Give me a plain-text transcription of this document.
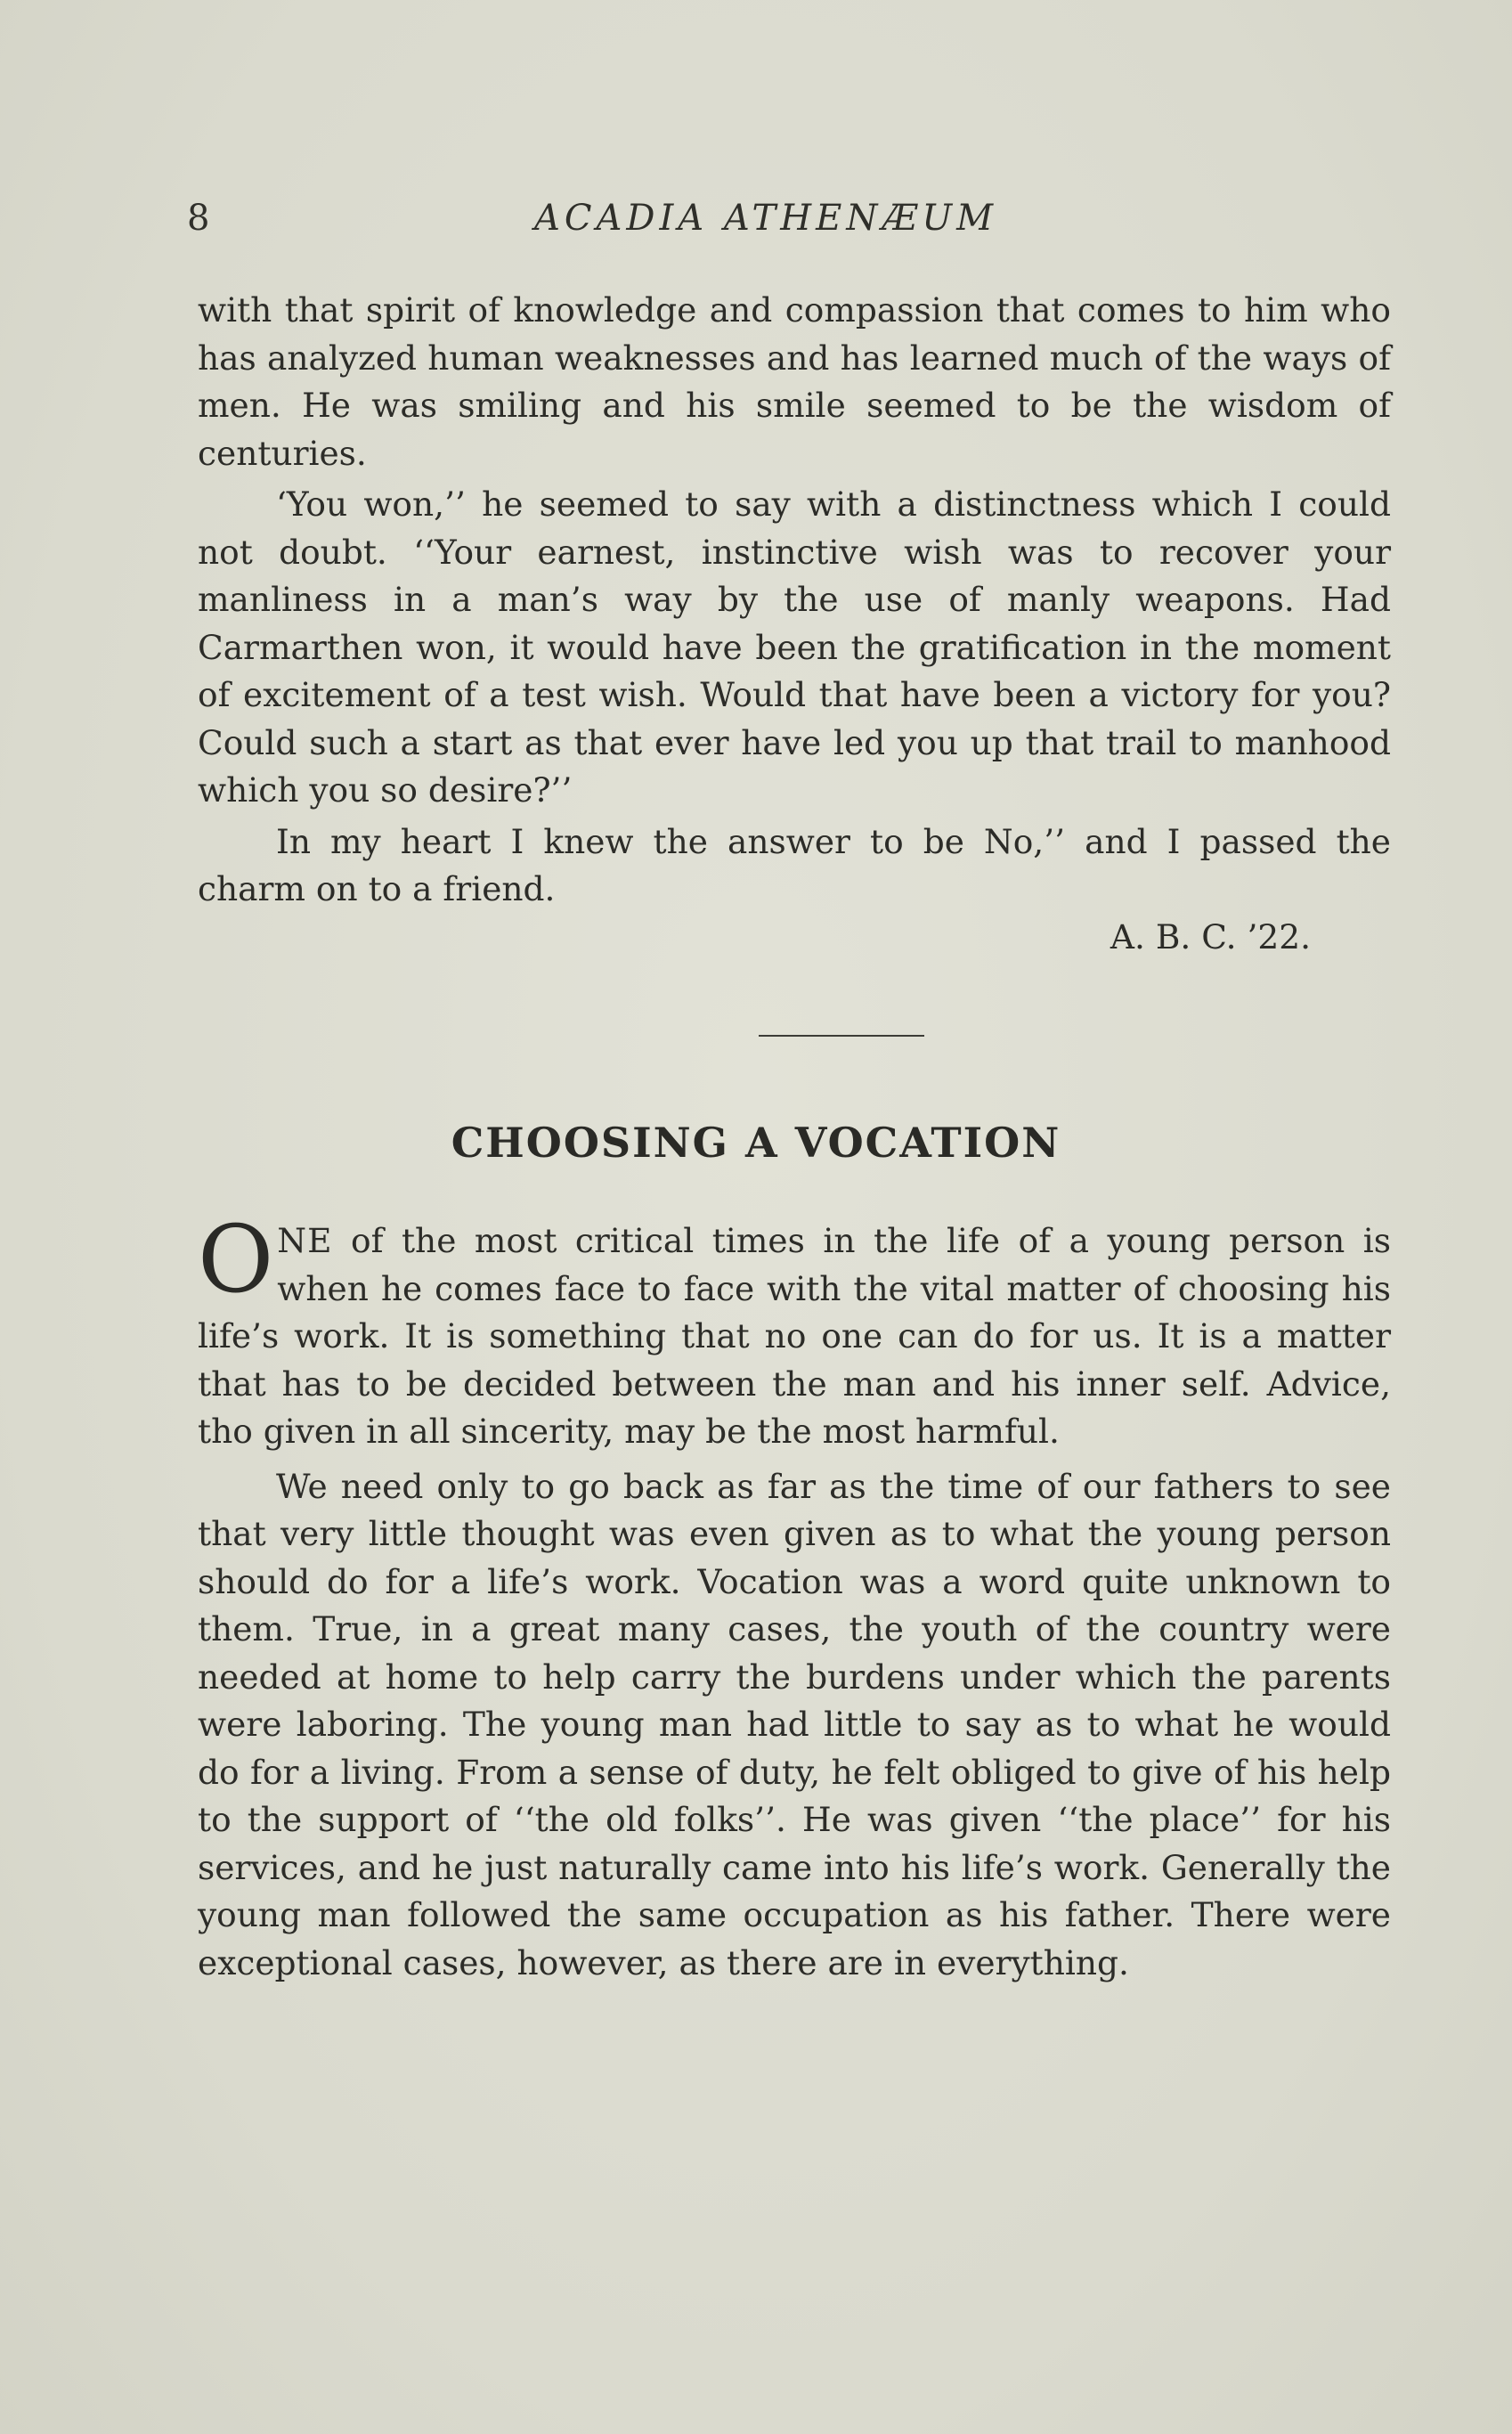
8	ACADIA ATHENÆUM

with that spirit of knowledge and compassion that comes to him who has analyzed human weaknesses and has learned much of the ways of men. He was smiling and his smile seemed to be the wisdom of centuries.

‘You won,’’ he seemed to say with a distinctness which I could not doubt. ‘‘Your earnest, instinctive wish was to recover your manliness in a man’s way by the use of manly weapons. Had Carmarthen won, it would have been the gratification in the moment of excitement of a test wish. Would that have been a victory for you? Could such a start as that ever have led you up that trail to manhood which you so desire?’’

In my heart I knew the answer to be No,’’ and I passed the charm on to a friend.

A. B. C. ’22.

CHOOSING A VOCATION

ONE of the most critical times in the life of a young person is when he comes face to face with the vital matter of choosing his life’s work. It is something that no one can do for us. It is a matter that has to be decided between the man and his inner self. Advice, tho given in all sincerity, may be the most harmful.

We need only to go back as far as the time of our fathers to see that very little thought was even given as to what the young person should do for a life’s work. Vocation was a word quite unknown to them. True, in a great many cases, the youth of the country were needed at home to help carry the burdens under which the parents were laboring. The young man had little to say as to what he would do for a living. From a sense of duty, he felt obliged to give of his help to the support of ‘‘the old folks’’. He was given ‘‘the place’’ for his services, and he just naturally came into his life’s work. Generally the young man followed the same occupation as his father. There were exceptional cases, however, as there are in everything.
